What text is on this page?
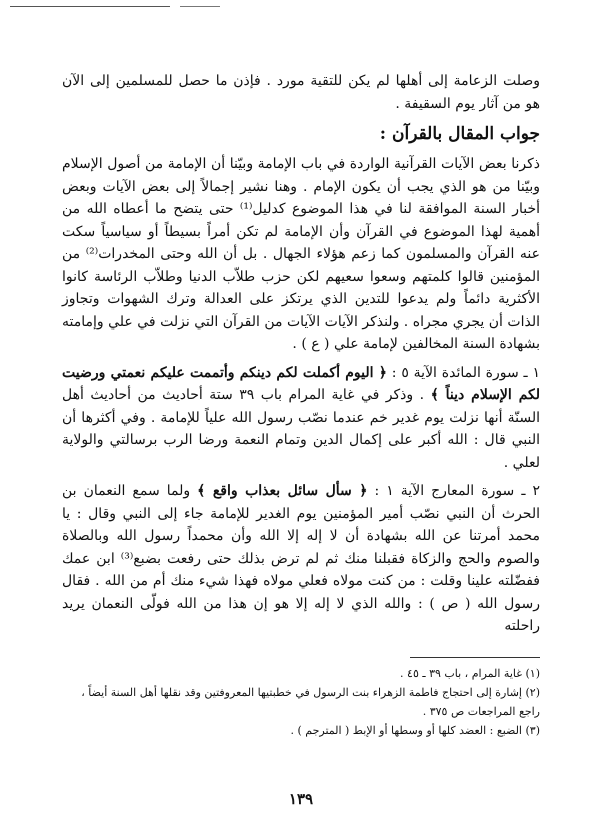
وصلت الزعامة إلى أهلها لم يكن للتقية مورد . فإذن ما حصل للمسلمين إلى الآن هو من آثار يوم السقيفة .

جواب المقال بالقرآن :

ذكرنا بعض الآيات القرآنية الواردة في باب الإمامة وبيّنا أن الإمامة من أصول الإسلام وبيّنا من هو الذي يجب أن يكون الإمام . وهنا نشير إجمالاً إلى بعض الآيات وبعض أخبار السنة الموافقة لنا في هذا الموضوع كدليل⁽¹⁾ حتى يتضح ما أعطاه الله من أهمية لهذا الموضوع في القرآن وأن الإمامة لم تكن أمراً بسيطاً أو سياسياً سكت عنه القرآن والمسلمون كما زعم هؤلاء الجهال . بل أن الله وحتى المخدرات⁽²⁾ من المؤمنين قالوا كلمتهم وسعوا سعيهم لكن حزب طلاّب الدنيا وطلاّب الرئاسة كانوا الأكثرية دائماً ولم يدعوا للتدين الذي يرتكز على العدالة وترك الشهوات وتجاوز الذات أن يجري مجراه . ولنذكر الآيات الآيات من القرآن التي نزلت في علي وإمامته بشهادة السنة المخالفين لإمامة علي ( ع ) .

١ ـ سورة المائدة الآية ٥ : ﴿ اليوم أكملت لكم دينكم وأتممت عليكم نعمتي ورضيت لكم الإسلام ديناً ﴾ . وذكر في غاية المرام باب ٣٩ ستة أحاديث من أحاديث أهل السنّة أنها نزلت يوم غدير خم عندما نصّب رسول الله علياً للإمامة . وفي أكثرها أن النبي قال : الله أكبر على إكمال الدين وتمام النعمة ورضا الرب برسالتي والولاية لعلي .

٢ ـ سورة المعارج الآية ١ : ﴿ سأل سائل بعذاب واقع ﴾ ولما سمع النعمان بن الحرث أن النبي نصّب أمير المؤمنين يوم الغدير للإمامة جاء إلى النبي وقال : يا محمد أمرتنا عن الله بشهادة أن لا إله إلا الله وأن محمداً رسول الله وبالصلاة والصوم والحج والزكاة فقبلنا منك ثم لم ترض بذلك حتى رفعت بضبع⁽³⁾ ابن عمك ففضّلته علينا وقلت : من كنت مولاه فعلي مولاه فهذا شيء منك أم من الله . فقال رسول الله ( ص ) : والله الذي لا إله إلا هو إن هذا من الله فولّى النعمان يريد راحلته

(١) غاية المرام ، باب ٣٩ ـ ٤٥ .

(٢) إشارة إلى احتجاج فاطمة الزهراء بنت الرسول في خطبتيها المعروفتين وقد نقلها أهل السنة أيضاً ، راجع المراجعات ص ٣٧٥ .

(٣) الضبع : العضد كلها أو وسطها أو الإبط ( المترجم ) .

١٣٩
